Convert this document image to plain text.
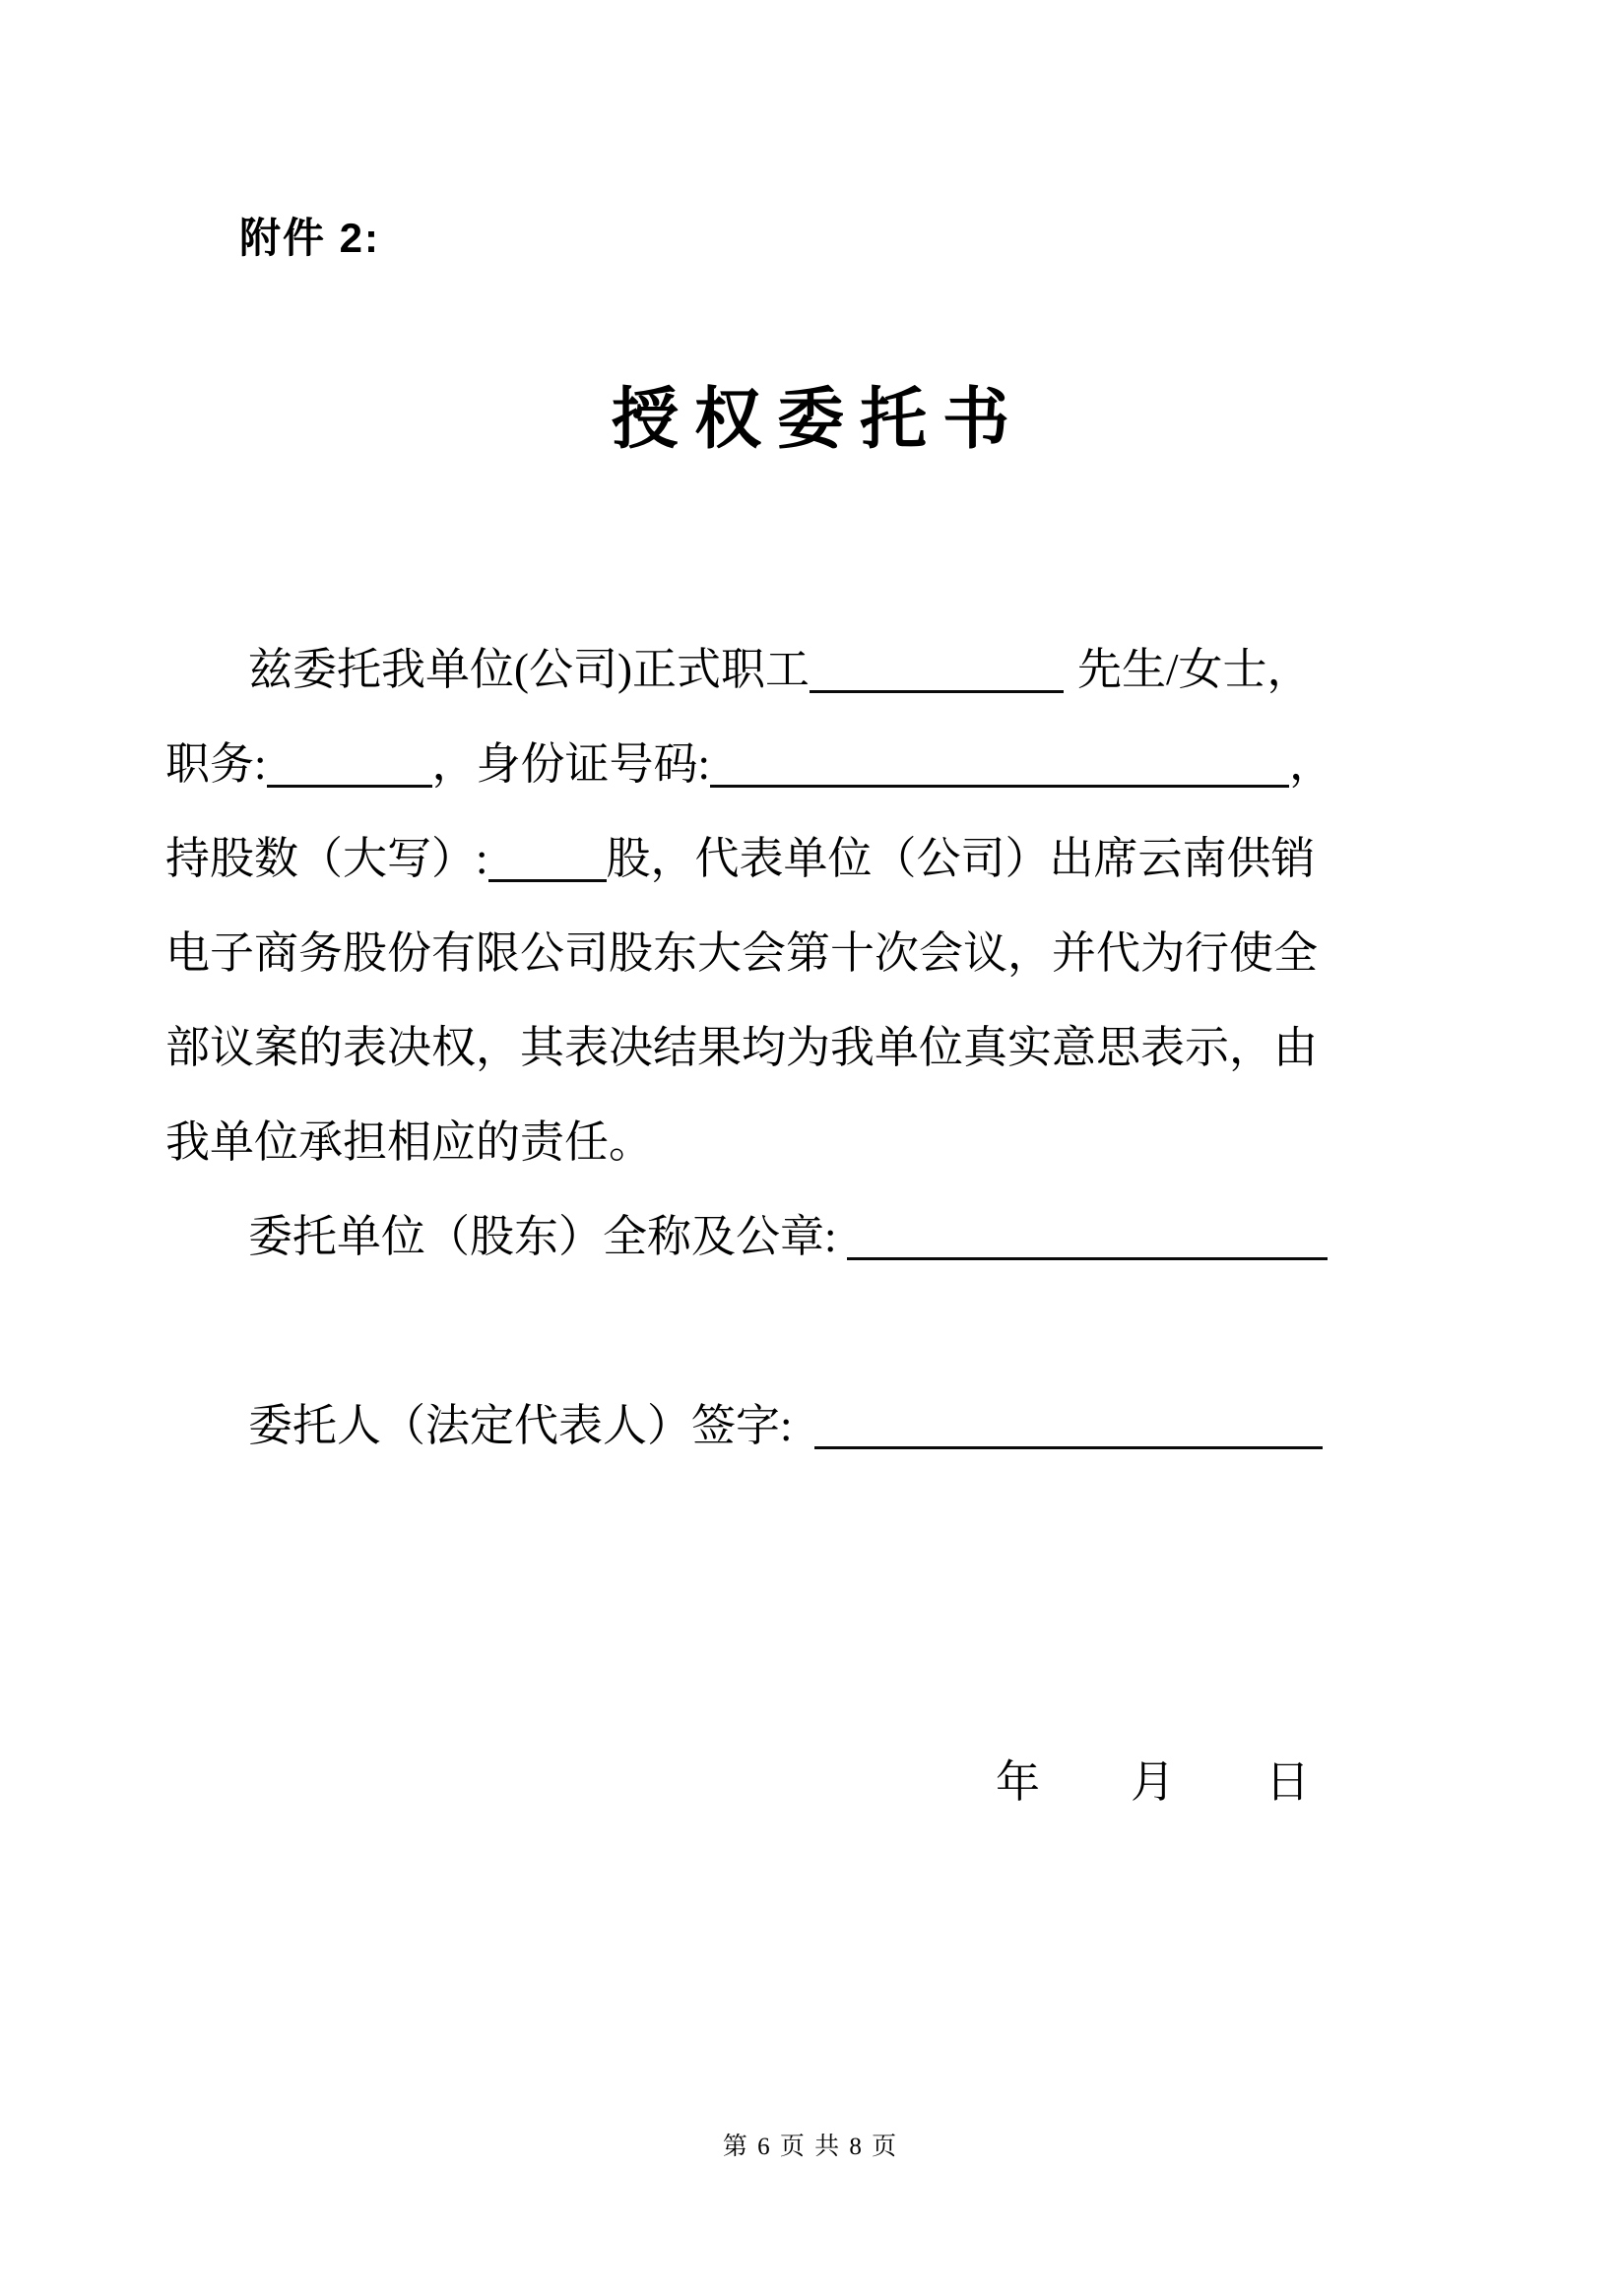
附件 2:
授权委托书
兹委托我单位(公司)正式职工	先生/女士，
职务:	，身份证号码:	，
持股数（大写）:	股，代表单位（公司）出席云南供销
电子商务股份有限公司股东大会第十次会议，并代为行使全
部议案的表决权，其表决结果均为我单位真实意思表示，由
我单位承担相应的责任。
委托单位（股东）全称及公章:
委托人（法定代表人）签字:
年 月 日
第 6 页 共 8 页
